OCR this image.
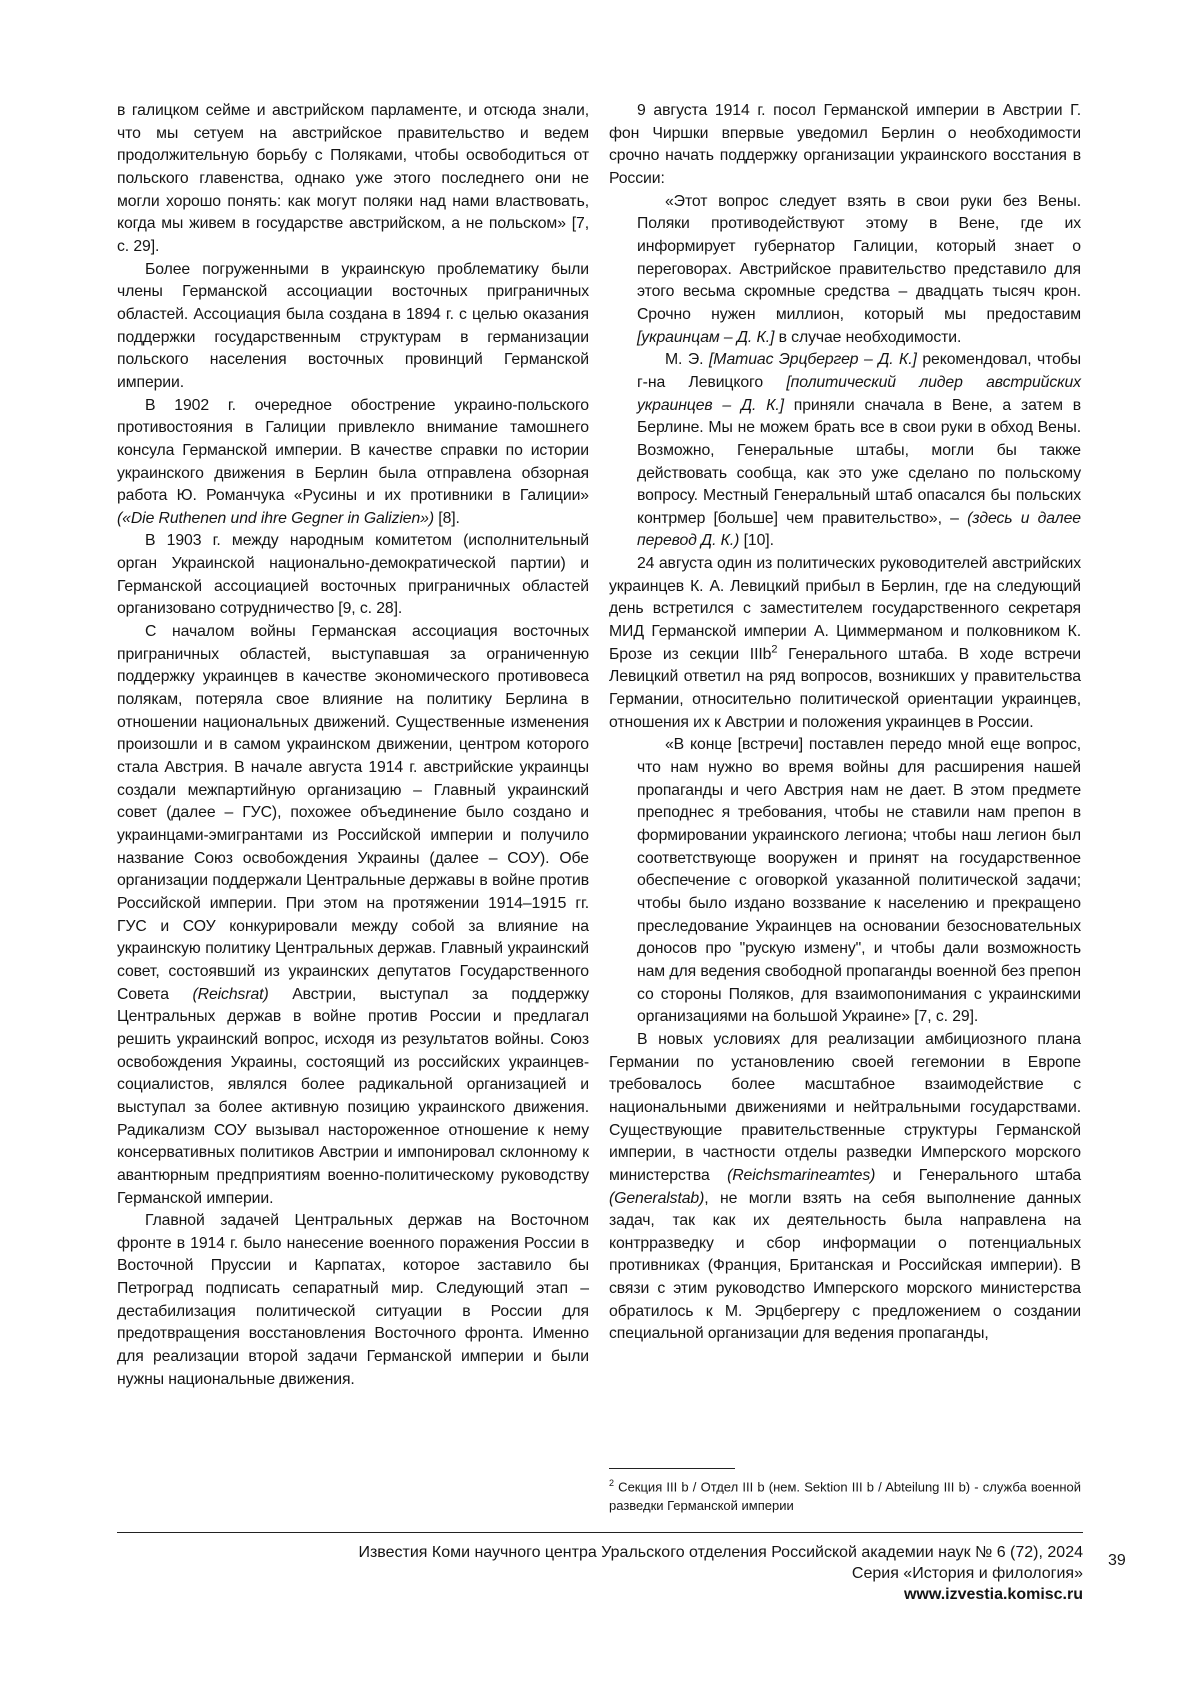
в галицком сейме и австрийском парламенте, и отсюда знали, что мы сетуем на австрийское правительство и ведем продолжительную борьбу с Поляками, чтобы освободиться от польского главенства, однако уже этого последнего они не могли хорошо понять: как могут поляки над нами властвовать, когда мы живем в государстве австрийском, а не польском» [7, с. 29].

Более погруженными в украинскую проблематику были члены Германской ассоциации восточных приграничных областей. Ассоциация была создана в 1894 г. с целью оказания поддержки государственным структурам в германизации польского населения восточных провинций Германской империи.

В 1902 г. очередное обострение украино-польского противостояния в Галиции привлекло внимание тамошнего консула Германской империи. В качестве справки по истории украинского движения в Берлин была отправлена обзорная работа Ю. Романчука «Русины и их противники в Галиции» («Die Ruthenen und ihre Gegner in Galizien») [8].

В 1903 г. между народным комитетом (исполнительный орган Украинской национально-демократической партии) и Германской ассоциацией восточных приграничных областей организовано сотрудничество [9, с. 28].

С началом войны Германская ассоциация восточных приграничных областей, выступавшая за ограниченную поддержку украинцев в качестве экономического противовеса полякам, потеряла свое влияние на политику Берлина в отношении национальных движений. Существенные изменения произошли и в самом украинском движении, центром которого стала Австрия. В начале августа 1914 г. австрийские украинцы создали межпартийную организацию – Главный украинский совет (далее – ГУС), похожее объединение было создано и украинцами-эмигрантами из Российской империи и получило название Союз освобождения Украины (далее – СОУ). Обе организации поддержали Центральные державы в войне против Российской империи. При этом на протяжении 1914–1915 гг. ГУС и СОУ конкурировали между собой за влияние на украинскую политику Центральных держав. Главный украинский совет, состоявший из украинских депутатов Государственного Совета (Reichsrat) Австрии, выступал за поддержку Центральных держав в войне против России и предлагал решить украинский вопрос, исходя из результатов войны. Союз освобождения Украины, состоящий из российских украинцев-социалистов, являлся более радикальной организацией и выступал за более активную позицию украинского движения. Радикализм СОУ вызывал настороженное отношение к нему консервативных политиков Австрии и импонировал склонному к авантюрным предприятиям военно-политическому руководству Германской империи.

Главной задачей Центральных держав на Восточном фронте в 1914 г. было нанесение военного поражения России в Восточной Пруссии и Карпатах, которое заставило бы Петроград подписать сепаратный мир. Следующий этап – дестабилизация политической ситуации в России для предотвращения восстановления Восточного фронта. Именно для реализации второй задачи Германской империи и были нужны национальные движения.

9 августа 1914 г. посол Германской империи в Австрии Г. фон Чиршки впервые уведомил Берлин о необходимости срочно начать поддержку организации украинского восстания в России:

«Этот вопрос следует взять в свои руки без Вены. Поляки противодействуют этому в Вене, где их информирует губернатор Галиции, который знает о переговорах. Австрийское правительство представило для этого весьма скромные средства – двадцать тысяч крон. Срочно нужен миллион, который мы предоставим [украинцам – Д. К.] в случае необходимости.

М. Э. [Матиас Эрцбергер – Д. К.] рекомендовал, чтобы г-на Левицкого [политический лидер австрийских украинцев – Д. К.] приняли сначала в Вене, а затем в Берлине. Мы не можем брать все в свои руки в обход Вены. Возможно, Генеральные штабы, могли бы также действовать сообща, как это уже сделано по польскому вопросу. Местный Генеральный штаб опасался бы польских контрмер [больше] чем правительство», – (здесь и далее перевод Д. К.) [10].

24 августа один из политических руководителей австрийских украинцев К. А. Левицкий прибыл в Берлин, где на следующий день встретился с заместителем государственного секретаря МИД Германской империи А. Циммерманом и полковником К. Брозе из секции IIIb$^2$ Генерального штаба. В ходе встречи Левицкий ответил на ряд вопросов, возникших у правительства Германии, относительно политической ориентации украинцев, отношения их к Австрии и положения украинцев в России.

«В конце [встречи] поставлен передо мной еще вопрос, что нам нужно во время войны для расширения нашей пропаганды и чего Австрия нам не дает. В этом предмете преподнес я требования, чтобы не ставили нам препон в формировании украинского легиона; чтобы наш легион был соответствующе вооружен и принят на государственное обеспечение с оговоркой указанной политической задачи; чтобы было издано воззвание к населению и прекращено преследование Украинцев на основании безосновательных доносов про "рускую измену", и чтобы дали возможность нам для ведения свободной пропаганды военной без препон со стороны Поляков, для взаимопонимания с украинскими организациями на большой Украине» [7, с. 29].

В новых условиях для реализации амбициозного плана Германии по установлению своей гегемонии в Европе требовалось более масштабное взаимодействие с национальными движениями и нейтральными государствами. Существующие правительственные структуры Германской империи, в частности отделы разведки Имперского морского министерства (Reichsmarineamtes) и Генерального штаба (Generalstab), не могли взять на себя выполнение данных задач, так как их деятельность была направлена на контрразведку и сбор информации о потенциальных противниках (Франция, Британская и Российская империи). В связи с этим руководство Имперского морского министерства обратилось к М. Эрцбергеру с предложением о создании специальной организации для ведения пропаганды,

$^2$ Секция III b / Отдел III b (нем. Sektion III b / Abteilung III b) - служба военной разведки Германской империи
Известия Коми научного центра Уральского отделения Российской академии наук № 6 (72), 2024
Серия «История и филология»
www.izvestia.komisc.ru
39
